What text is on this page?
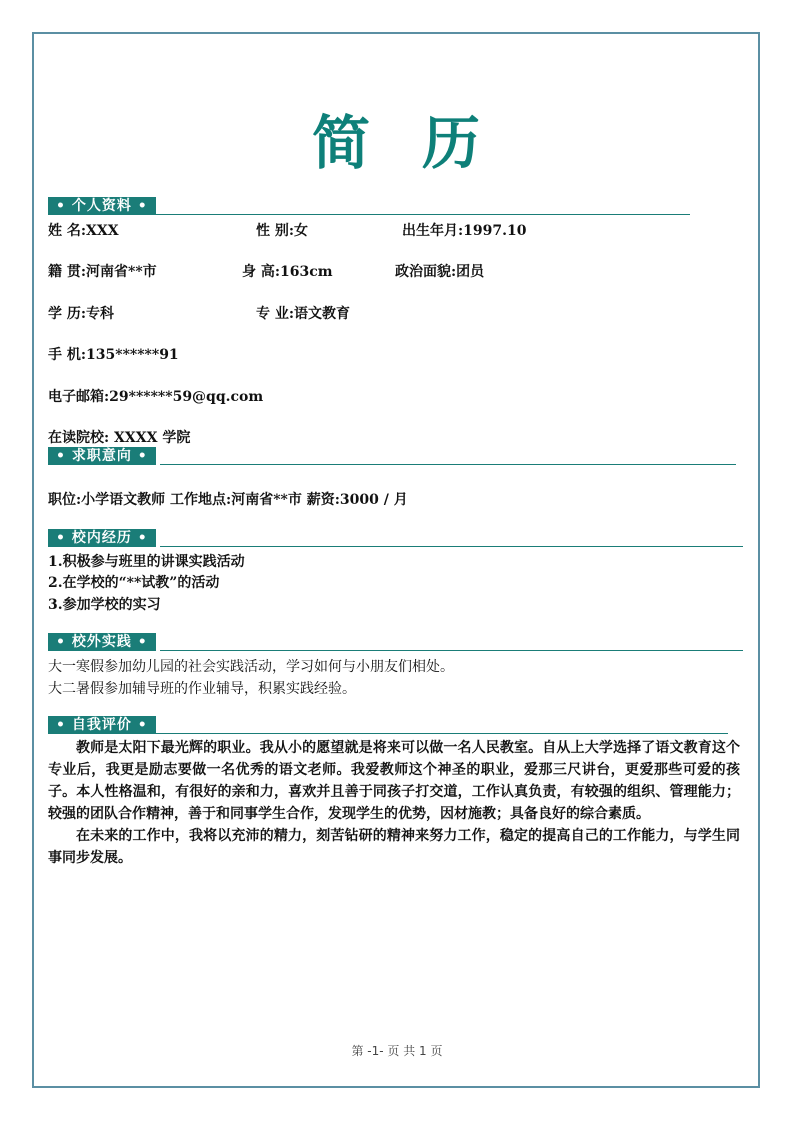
简 历
• 个人资料 •
姓 名:XXX	性 别:女	出生年月:1997.10
籍 贯:河南省**市	身 高:163cm	政治面貌:团员
学 历:专科	专 业:语文教育
手 机:135******91
电子邮箱:29******59@qq.com
在读院校: XXXX 学院
• 求职意向 •
职位:小学语文教师 工作地点:河南省**市 薪资:3000 / 月
• 校内经历 •
1.积极参与班里的讲课实践活动
2.在学校的“**试教”的活动
3.参加学校的实习
• 校外实践 •
大一寒假参加幼儿园的社会实践活动，学习如何与小朋友们相处。
大二暑假参加辅导班的作业辅导，积累实践经验。
• 自我评价 •

教师是太阳下最光辉的职业。我从小的愿望就是将来可以做一名人民教室。自从上大学选择了语文教育这个专业后，我更是励志要做一名优秀的语文老师。我爱教师这个神圣的职业，爱那三尺讲台，更爱那些可爱的孩子。本人性格温和，有很好的亲和力，喜欢并且善于同孩子打交道，工作认真负责，有较强的组织、管理能力；较强的团队合作精神，善于和同事学生合作，发现学生的优势，因材施教；具备良好的综合素质。

在未来的工作中，我将以充沛的精力，刻苦钻研的精神来努力工作，稳定的提高自己的工作能力，与学生同事同步发展。

第 -1- 页 共 1 页
